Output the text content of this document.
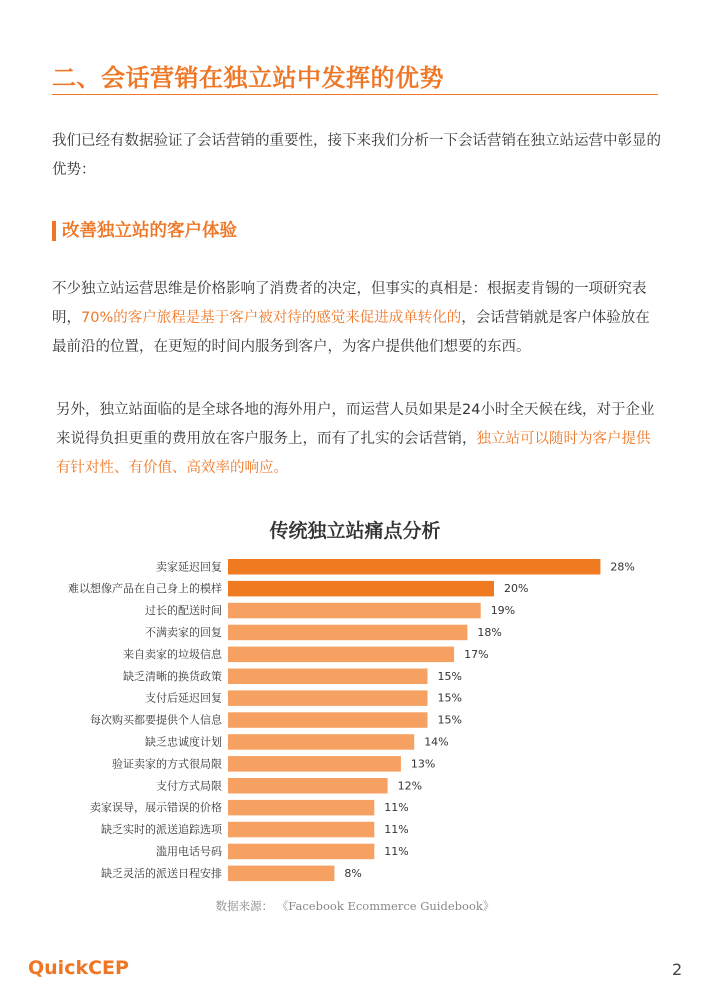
二、会话营销在独立站中发挥的优势

我们已经有数据验证了会话营销的重要性，接下来我们分析一下会话营销在独立站运营中彰显的优势：

改善独立站的客户体验

不少独立站运营思维是价格影响了消费者的决定，但事实的真相是：根据麦肯锡的一项研究表明，70%的客户旅程是基于客户被对待的感觉来促进成单转化的，会话营销就是客户体验放在最前沿的位置，在更短的时间内服务到客户，为客户提供他们想要的东西。

另外，独立站面临的是全球各地的海外用户，而运营人员如果是24小时全天候在线，对于企业来说得负担更重的费用放在客户服务上，而有了扎实的会话营销，独立站可以随时为客户提供有针对性、有价值、高效率的响应。

传统独立站痛点分析
卖家延迟回复	28%
难以想像产品在自己身上的模样	20%
过长的配送时间	19%
不满卖家的回复	18%
来自卖家的垃圾信息	17%
缺乏清晰的换货政策	15%
支付后延迟回复	15%
每次购买都要提供个人信息	15%
缺乏忠诚度计划	14%
验证卖家的方式很局限	13%
支付方式局限	12%
卖家误导，展示错误的价格	11%
缺乏实时的派送追踪选项	11%
滥用电话号码	11%
缺乏灵活的派送日程安排	8%

数据来源： 《Facebook Ecommerce Guidebook》

QuickCEP	2
